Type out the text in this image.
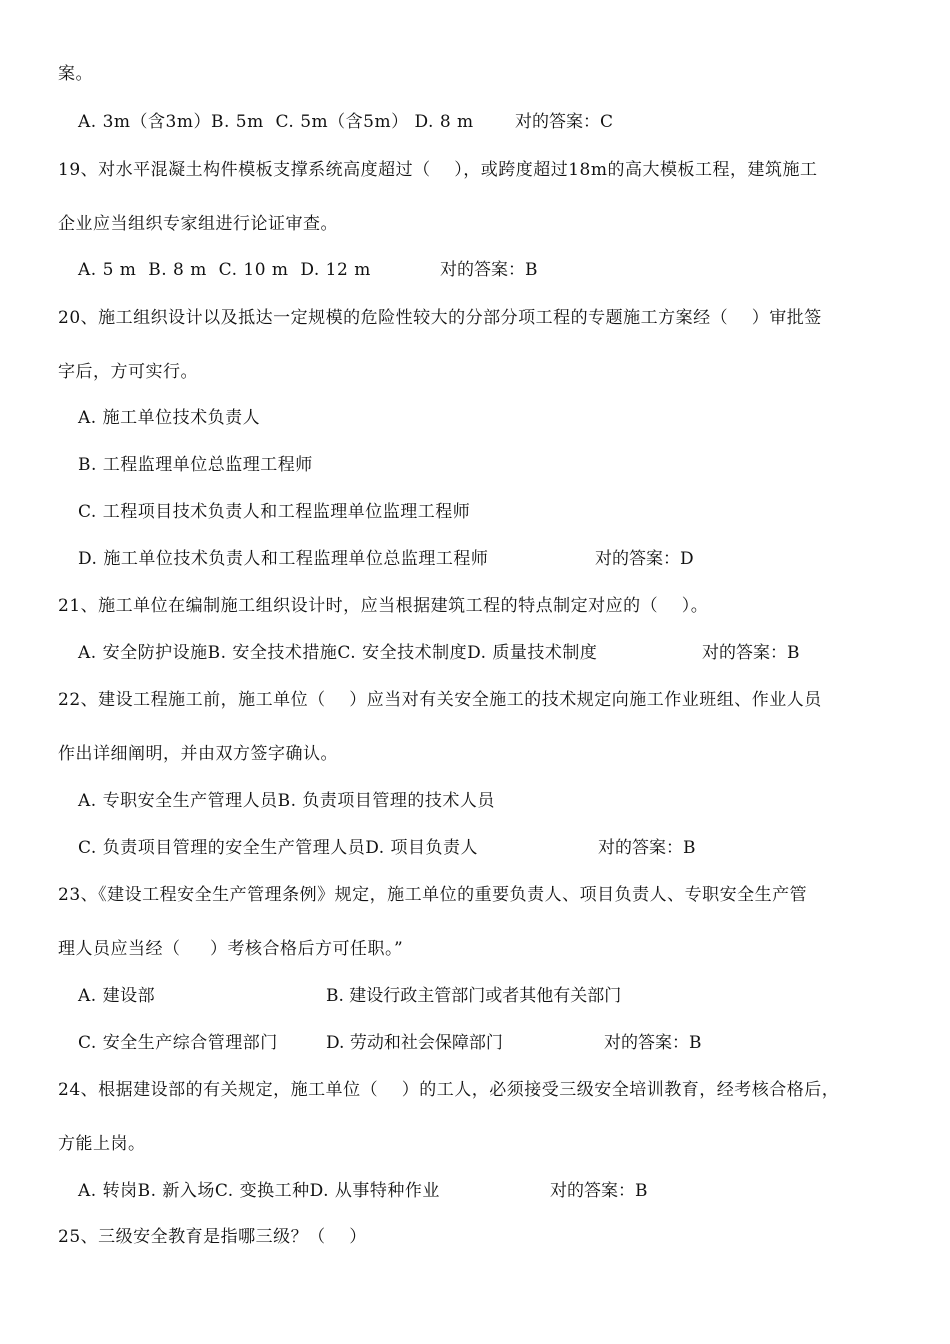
案。
A. 3m（含3m）B. 5m  C. 5m（含5m） D. 8 m 对的答案：C
19、对水平混凝土构件模板支撑系统高度超过（    ），或跨度超过18m的高大模板工程，建筑施工
企业应当组织专家组进行论证审查。
A. 5 m  B. 8 m  C. 10 m  D. 12 m	对的答案：B
20、施工组织设计以及抵达一定规模的危险性较大的分部分项工程的专题施工方案经（    ）审批签
字后，方可实行。
A. 施工单位技术负责人
B. 工程监理单位总监理工程师
C. 工程项目技术负责人和工程监理单位监理工程师
D. 施工单位技术负责人和工程监理单位总监理工程师	对的答案：D
21、施工单位在编制施工组织设计时，应当根据建筑工程的特点制定对应的（    ）。
A. 安全防护设施B. 安全技术措施C. 安全技术制度D. 质量技术制度	对的答案：B
22、建设工程施工前，施工单位（    ）应当对有关安全施工的技术规定向施工作业班组、作业人员
作出详细阐明，并由双方签字确认。
A. 专职安全生产管理人员B. 负责项目管理的技术人员
C. 负责项目管理的安全生产管理人员D. 项目负责人	对的答案：B
23、《建设工程安全生产管理条例》规定，施工单位的重要负责人、项目负责人、专职安全生产管
理人员应当经（     ）考核合格后方可任职。”
A. 建设部	B. 建设行政主管部门或者其他有关部门
C. 安全生产综合管理部门	D. 劳动和社会保障部门	对的答案：B
24、根据建设部的有关规定，施工单位（    ）的工人，必须接受三级安全培训教育，经考核合格后，
方能上岗。
A. 转岗B. 新入场C. 变换工种D. 从事特种作业	对的答案：B
25、三级安全教育是指哪三级？（    ）
